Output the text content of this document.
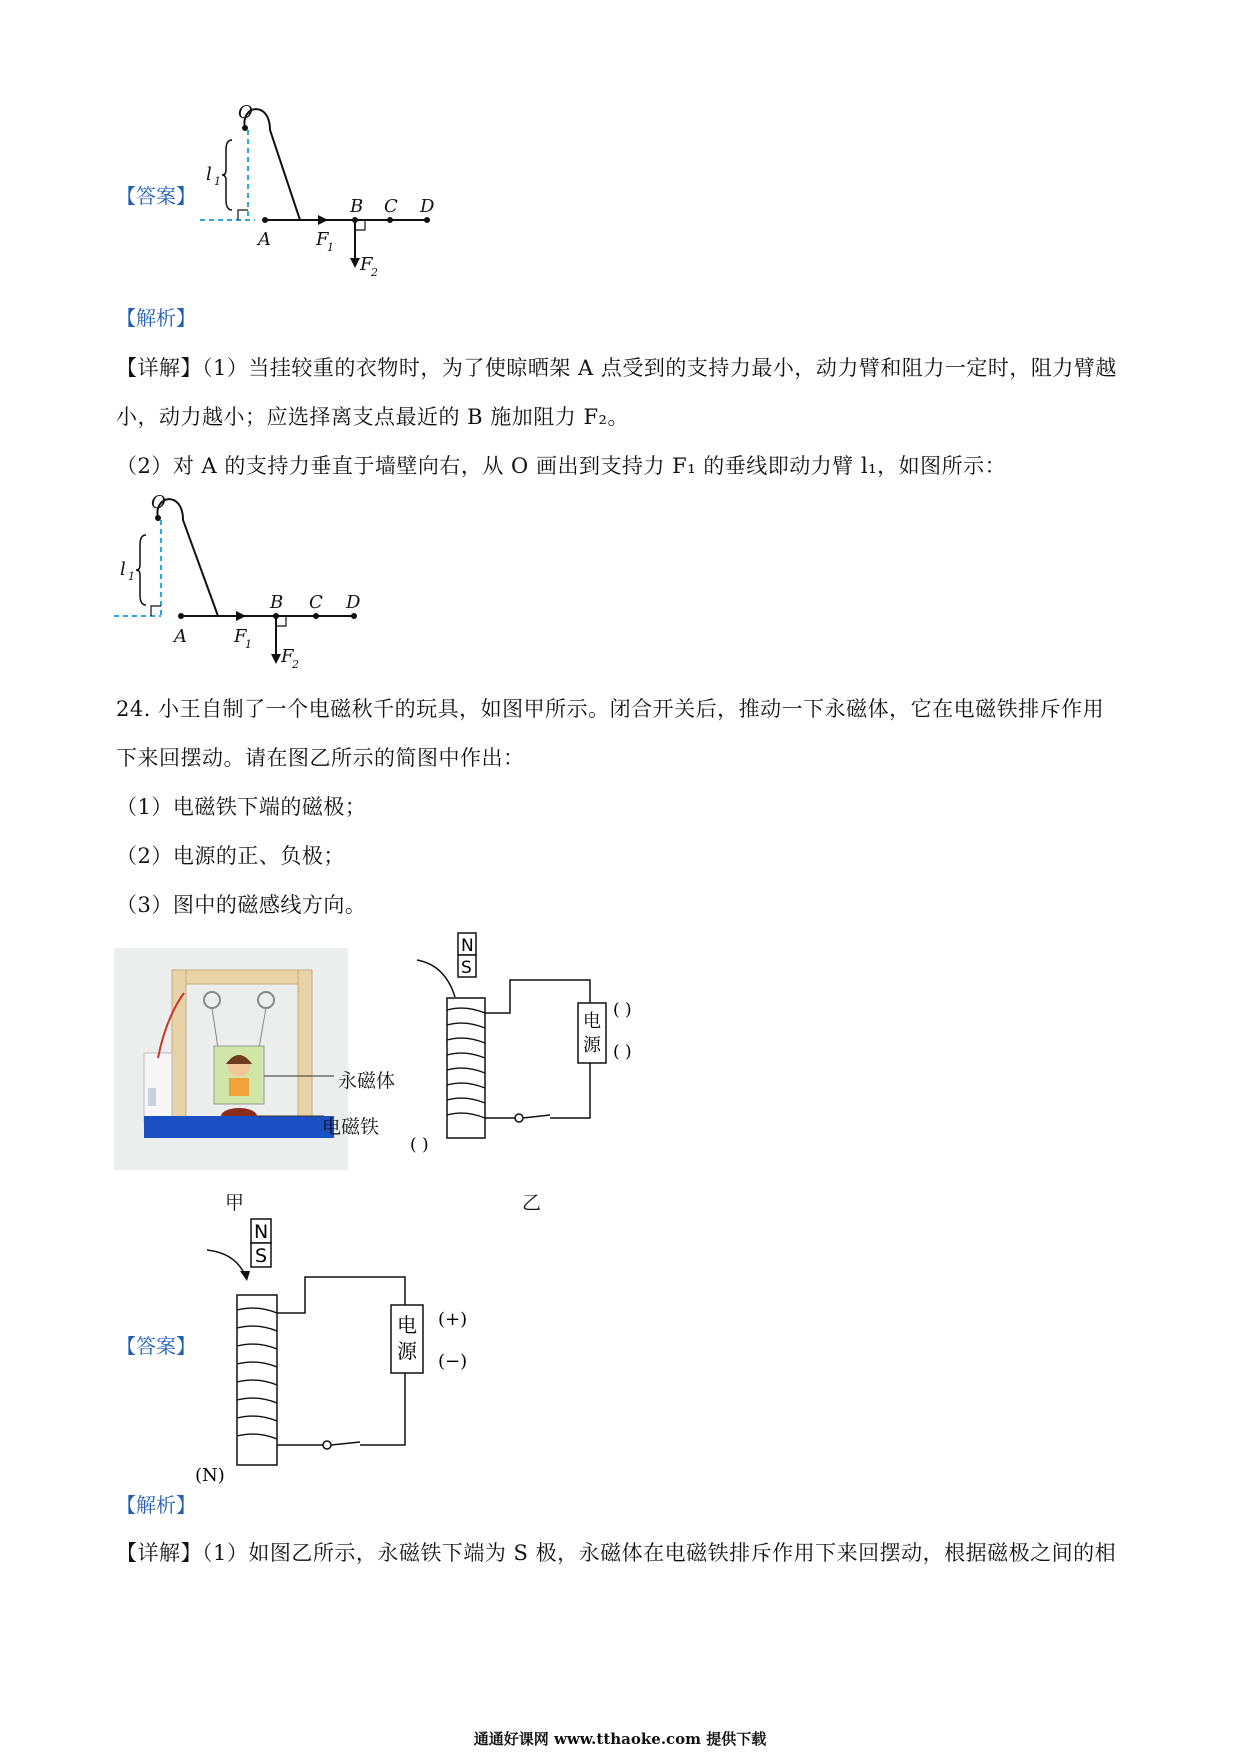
【答案】
O
l 1
A
B C D
F
1
F
2
【解析】
【详解】（1）当挂较重的衣物时，为了使晾晒架 A 点受到的支持力最小，动力臂和阻力一定时，阻力臂越
小，动力越小；应选择离支点最近的 B 施加阻力 F₂。
（2）对 A 的支持力垂直于墙壁向右，从 O 画出到支持力 F₁ 的垂线即动力臂 l₁，如图所示：
O
l 1
A
B C D
F
1
F
2
24. 小王自制了一个电磁秋千的玩具，如图甲所示。闭合开关后，推动一下永磁体，它在电磁铁排斥作用
下来回摆动。请在图乙所示的简图中作出：
（1）电磁铁下端的磁极；
（2）电源的正、负极；
（3）图中的磁感线方向。
永磁体
电磁铁
甲	乙
N
S
电
源
( )
( )
( )
【答案】
N
S
电
源
(+)
(−)
(N)
【解析】
【详解】（1）如图乙所示，永磁铁下端为 S 极，永磁体在电磁铁排斥作用下来回摆动，根据磁极之间的相
通通好课网 www.tthaoke.com 提供下载
